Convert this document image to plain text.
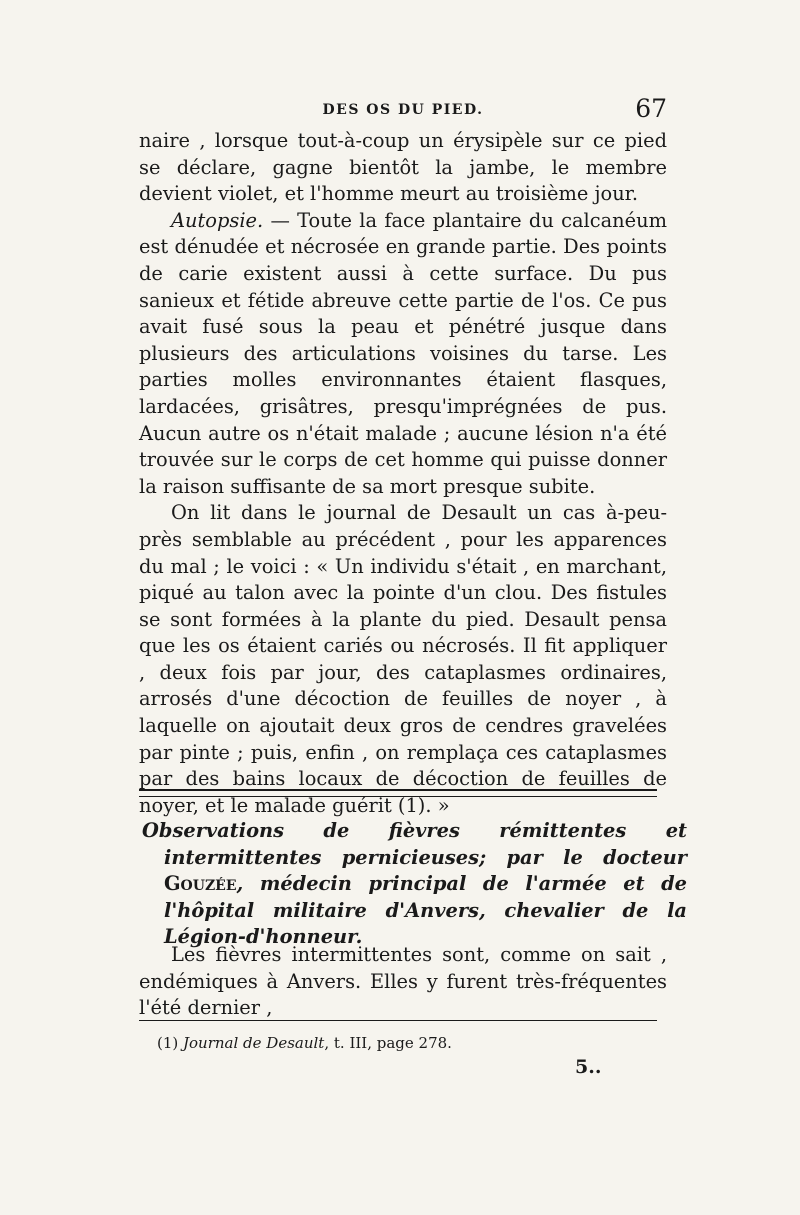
DES OS DU PIED.	67

naire , lorsque tout-à-coup un érysipèle sur ce pied se déclare, gagne bientôt la jambe, le membre devient violet, et l'homme meurt au troisième jour.

Autopsie. — Toute la face plantaire du calcanéum est dénudée et nécrosée en grande partie. Des points de carie existent aussi à cette surface. Du pus sanieux et fétide abreuve cette partie de l'os. Ce pus avait fusé sous la peau et pénétré jusque dans plusieurs des articulations voisines du tarse. Les parties molles environnantes étaient flasques, lardacées, grisâtres, presqu'imprégnées de pus. Aucun autre os n'était malade ; aucune lésion n'a été trouvée sur le corps de cet homme qui puisse donner la raison suffisante de sa mort presque subite.

On lit dans le journal de Desault un cas à-peu-près semblable au précédent , pour les apparences du mal ; le voici : « Un individu s'était , en marchant, piqué au talon avec la pointe d'un clou. Des fistules se sont formées à la plante du pied. Desault pensa que les os étaient cariés ou nécrosés. Il fit appliquer , deux fois par jour, des cataplasmes ordinaires, arrosés d'une décoction de feuilles de noyer , à laquelle on ajoutait deux gros de cendres gravelées par pinte ; puis, enfin , on remplaça ces cataplasmes par des bains locaux de décoction de feuilles de noyer, et le malade guérit (1). »

Observations de fièvres rémittentes et intermittentes pernicieuses; par le docteur Gouzée, médecin principal de l'armée et de l'hôpital militaire d'Anvers, chevalier de la Légion-d'honneur.

Les fièvres intermittentes sont, comme on sait , endémiques à Anvers. Elles y furent très-fréquentes l'été dernier ,

(1) Journal de Desault, t. III, page 278.
5..
